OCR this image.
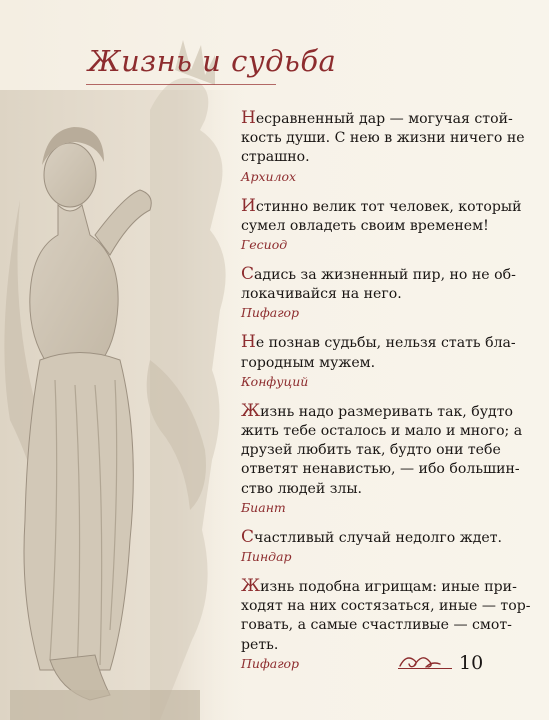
Жизнь и судьба

Несравненный дар — могучая стой-кость души. С нею в жизни ничего не страшно.

Архилох

Истинно велик тот человек, который сумел овладеть своим временем!

Гесиод

Садись за жизненный пир, но не об-локачивайся на него.

Пифагор

Не познав судьбы, нельзя стать бла-городным мужем.

Конфуций

Жизнь надо размеривать так, будто жить тебе осталось и мало и много; а друзей любить так, будто они тебе ответят ненавистью, — ибо большин-ство людей злы.

Биант

Счастливый случай недолго ждет.

Пиндар

Жизнь подобна игрищам: иные при-ходят на них состязаться, иные — тор-говать, а самые счастливые — смот-реть.

Пифагор	10
